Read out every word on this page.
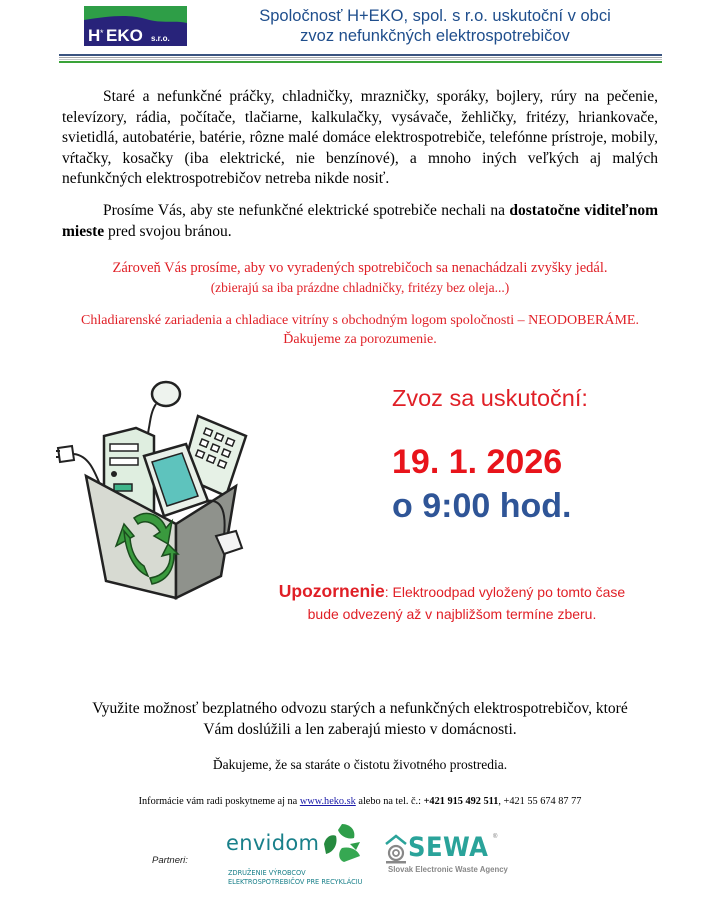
H * EKO s.r.o.
Spoločnosť H+EKO, spol. s r.o. uskutoční v obci
zvoz nefunkčných elektrospotrebičov
Staré a nefunkčné práčky, chladničky, mrazničky, sporáky, bojlery, rúry na pečenie, televízory, rádia, počítače, tlačiarne, kalkulačky, vysávače, žehličky, fritézy, hriankovače, svietidlá, autobatérie, batérie, rôzne malé domáce elektrospotrebiče, telefónne prístroje, mobily, vŕtačky, kosačky (iba elektrické, nie benzínové), a mnoho iných veľkých aj malých nefunkčných elektrospotrebičov netreba nikde nosiť.
Prosíme Vás, aby ste nefunkčné elektrické spotrebiče nechali na dostatočne viditeľnom mieste pred svojou bránou.
Zároveň Vás prosíme, aby vo vyradených spotrebičoch sa nenachádzali zvyšky jedál.
(zbierajú sa iba prázdne chladničky, fritézy bez oleja...)
Chladiarenské zariadenia a chladiace vitríny s obchodným logom spoločnosti – NEODOBERÁME.
Ďakujeme za porozumenie.
Zvoz sa uskutoční:
19. 1. 2026
o 9:00 hod.
Upozornenie: Elektroodpad vyložený po tomto čase
bude odvezený až v najbližšom termíne zberu.
Využite možnosť bezplatného odvozu starých a nefunkčných elektrospotrebičov, ktoré
Vám doslúžili a len zaberajú miesto v domácnosti.
Ďakujeme, že sa staráte o čistotu životného prostredia.
Informácie vám radi poskytneme aj na www.heko.sk alebo na tel. č.: +421 915 492 511, +421 55 674 87 77
Partneri:
envidom
ZDRUŽENIE VÝROBCOV
ELEKTROSPOTREBIČOV PRE RECYKLÁCIU
SEWA ®
Slovak Electronic Waste Agency
